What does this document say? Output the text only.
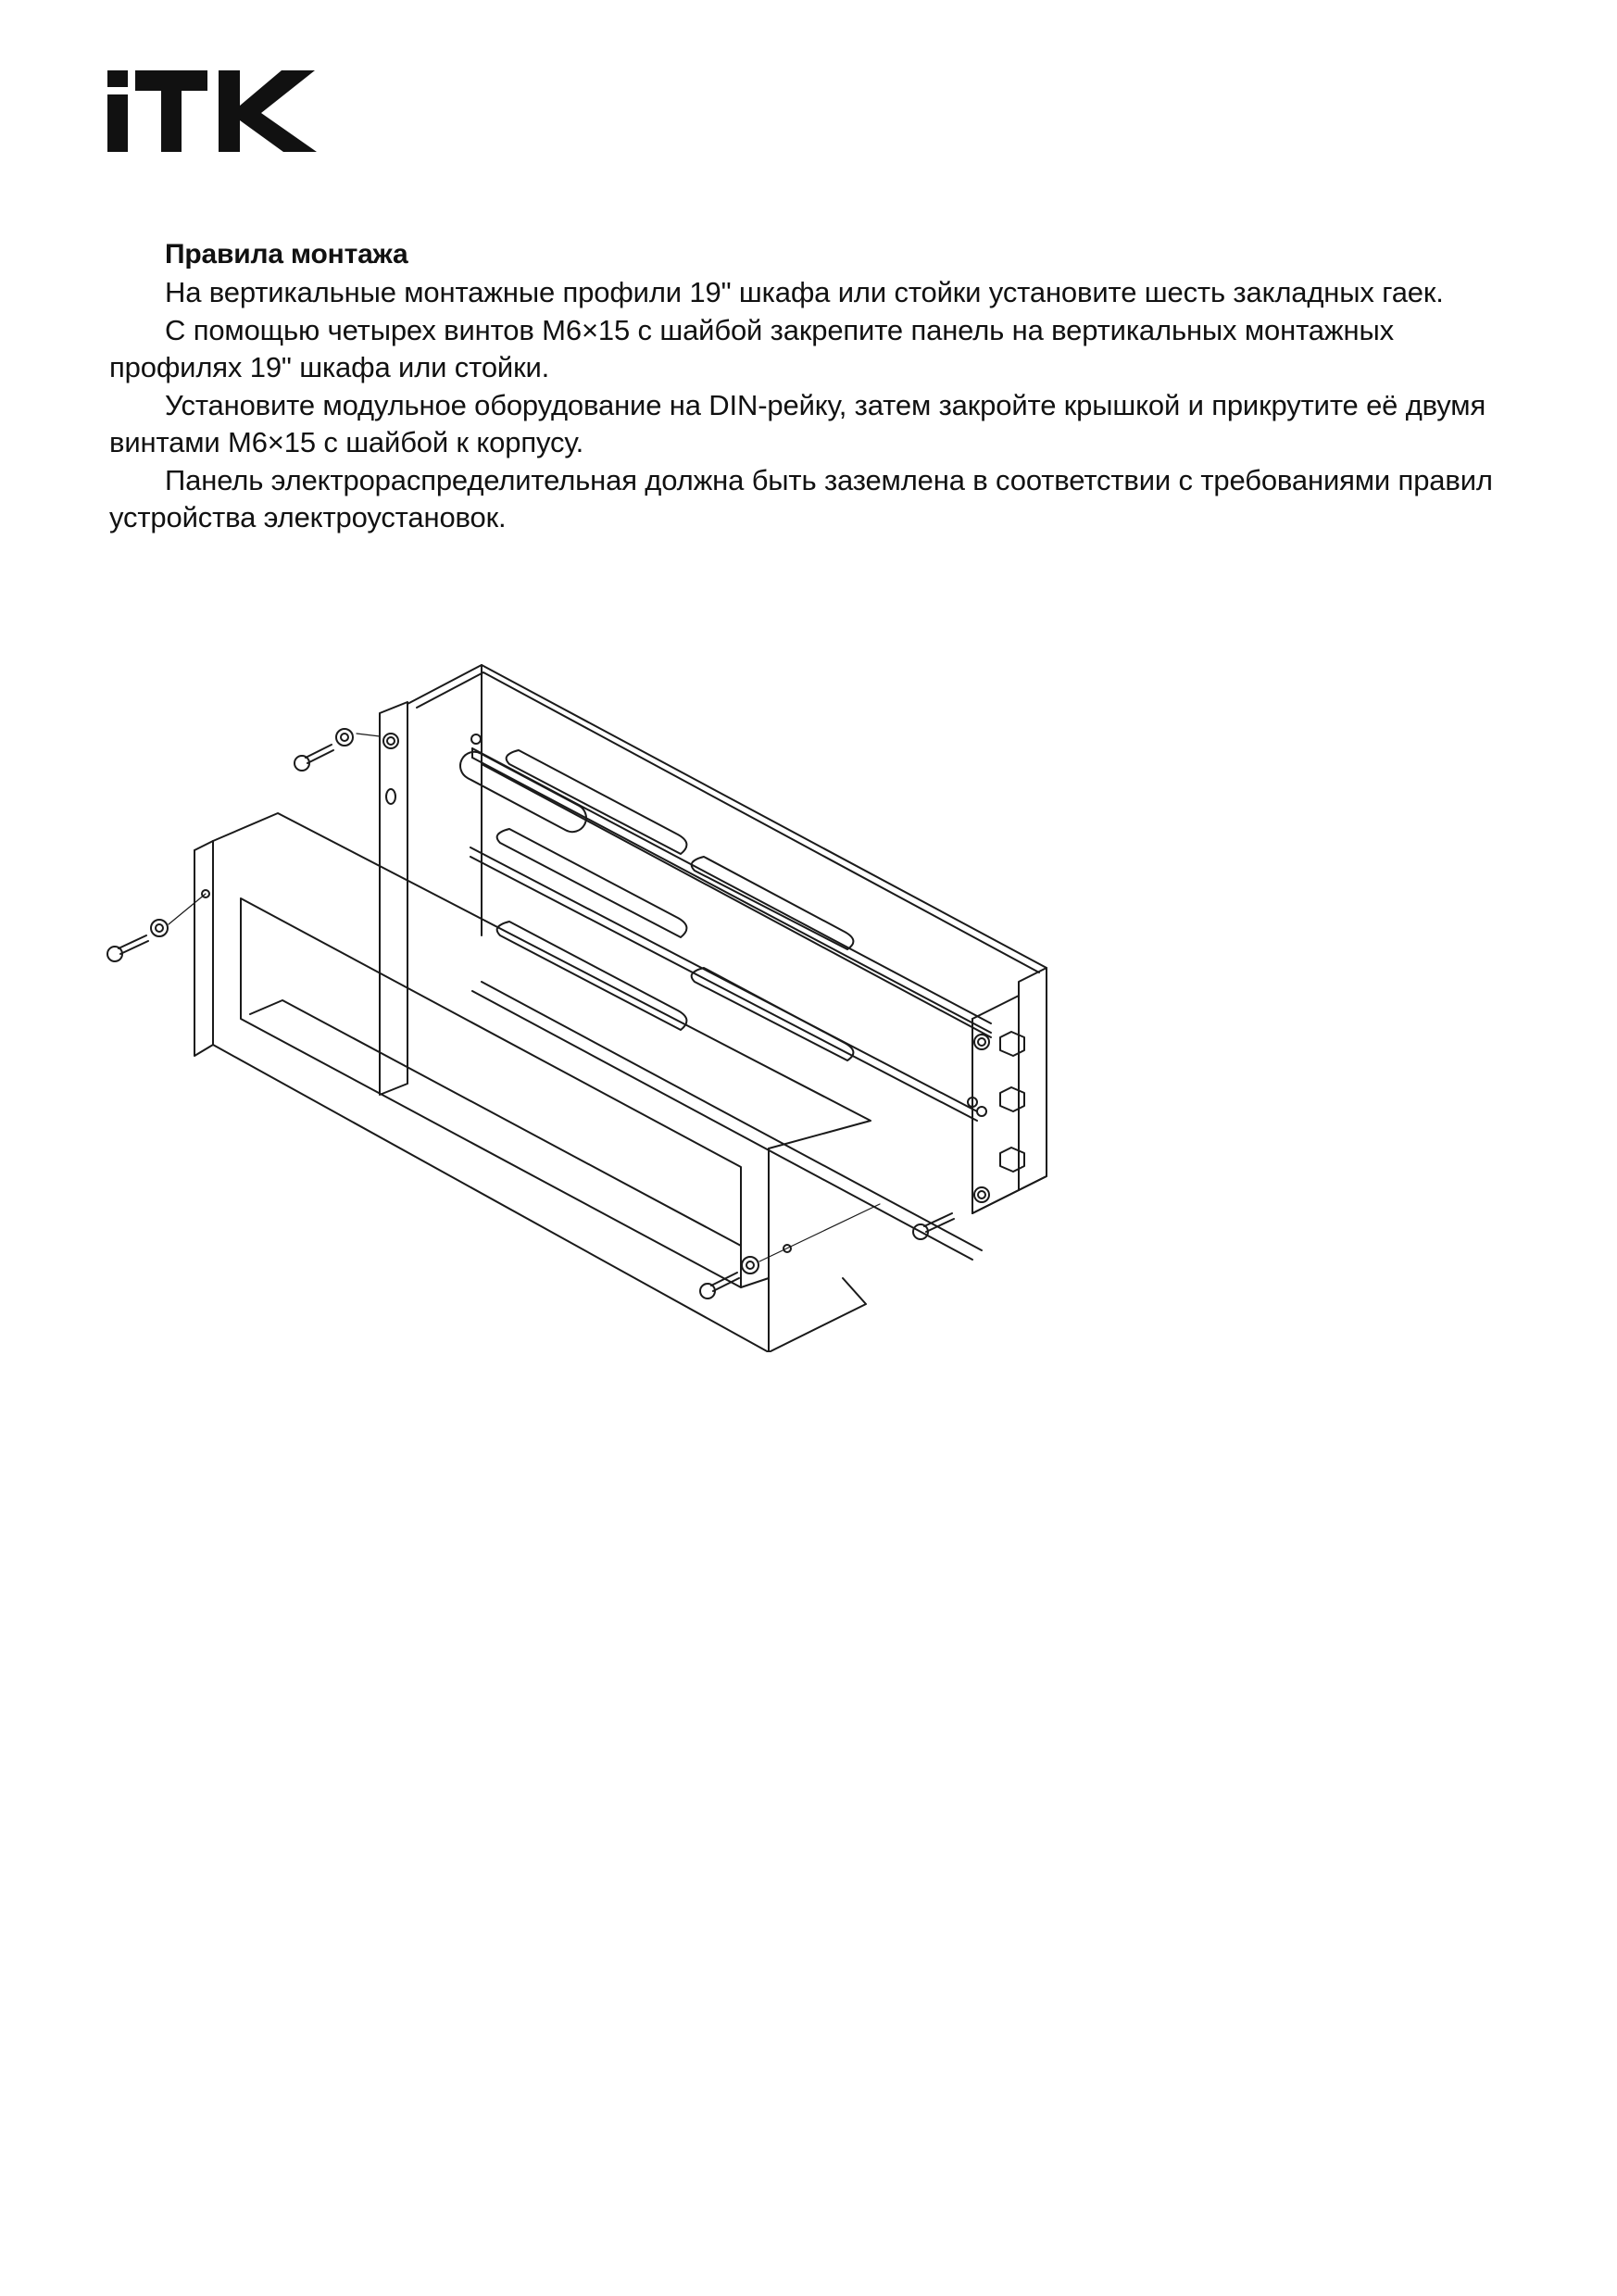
Правила монтажа

На вертикальные монтажные профили 19" шкафа или стойки установите шесть закладных гаек.

С помощью четырех винтов М6×15 с шайбой закрепите панель на вертикальных монтажных профилях 19" шкафа или стойки.

Установите модульное оборудование на DIN-рейку, затем закройте крышкой и прикрутите её двумя винтами М6×15 с шайбой к корпусу.

Панель электрораспределительная должна быть заземлена в соответствии с требованиями правил устройства электроустановок.
